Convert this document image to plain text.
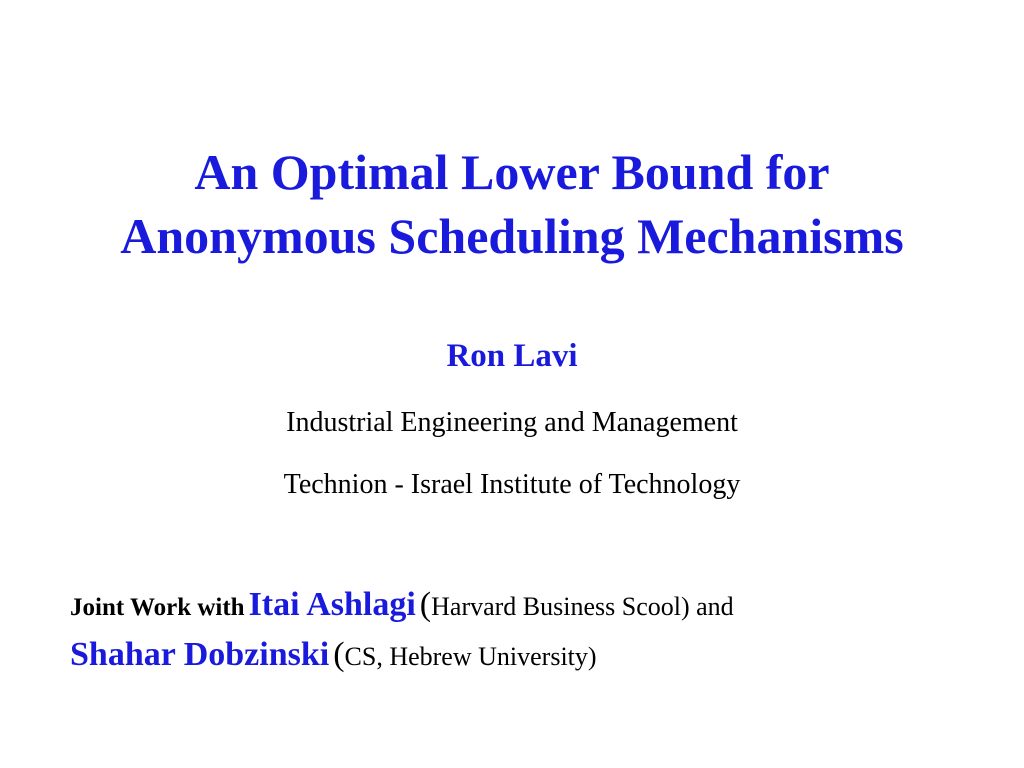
An Optimal Lower Bound for
Anonymous Scheduling Mechanisms
Ron Lavi
Industrial Engineering and Management
Technion - Israel Institute of Technology
Joint Work with Itai Ashlagi (Harvard Business Scool) and
Shahar Dobzinski (CS, Hebrew University)
